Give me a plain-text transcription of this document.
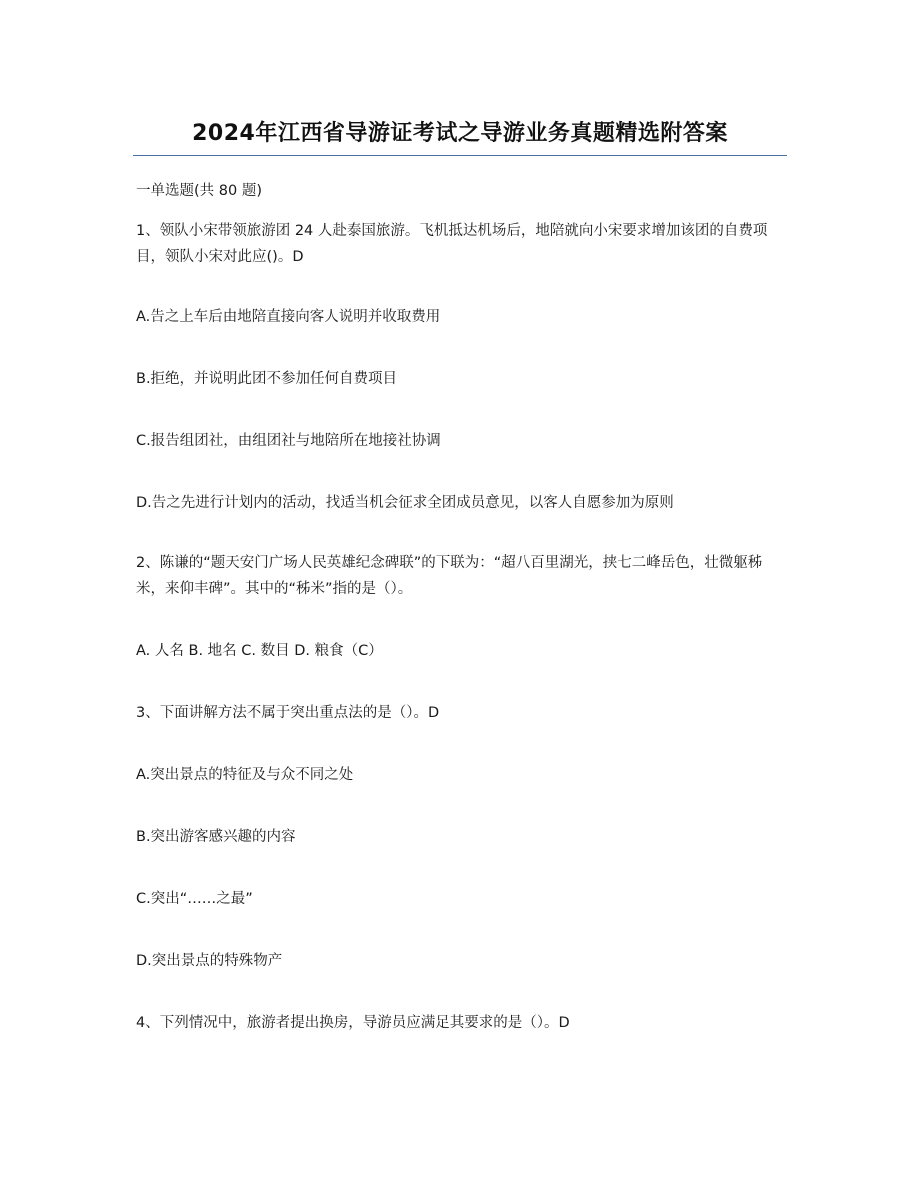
2024年江西省导游证考试之导游业务真题精选附答案
一单选题(共 80 题)
1、领队小宋带领旅游团 24 人赴泰国旅游。飞机抵达机场后，地陪就向小宋要求增加该团的自费项目，领队小宋对此应()。D
A.告之上车后由地陪直接向客人说明并收取费用
B.拒绝，并说明此团不参加任何自费项目
C.报告组团社，由组团社与地陪所在地接社协调
D.告之先进行计划内的活动，找适当机会征求全团成员意见，以客人自愿参加为原则
2、陈谦的“题天安门广场人民英雄纪念碑联”的下联为：“超八百里湖光，挟七二峰岳色，壮微躯秭米，来仰丰碑”。其中的“秭米”指的是（）。
A. 人名 B. 地名 C. 数目 D. 粮食（C）
3、下面讲解方法不属于突出重点法的是（）。D
A.突出景点的特征及与众不同之处
B.突出游客感兴趣的内容
C.突出“……之最”
D.突出景点的特殊物产
4、下列情况中，旅游者提出换房，导游员应满足其要求的是（）。D
